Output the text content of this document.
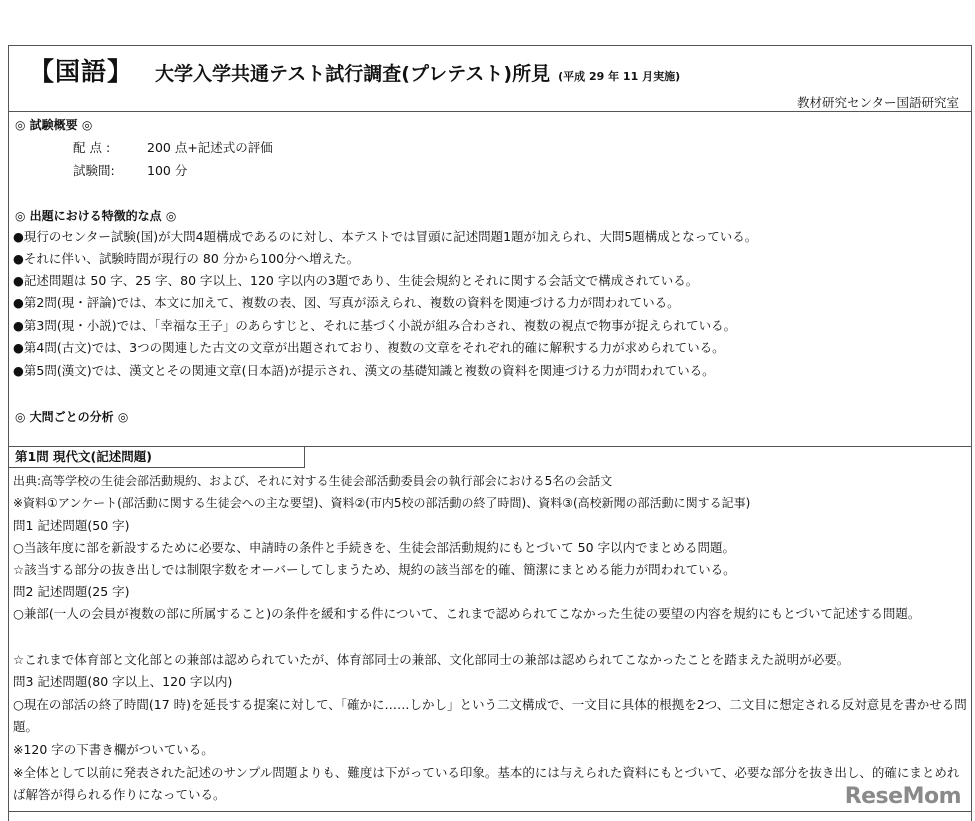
【国語】 大学入学共通テスト試行調査(プレテスト)所見 (平成 29 年 11 月実施)
教材研究センター国語研究室
◎ 試験概要 ◎
配 点 :	200 点+記述式の評価
試験間:	100 分
◎ 出題における特徴的な点 ◎
●現行のセンター試験(国)が大問4題構成であるのに対し、本テストでは冒頭に記述問題1題が加えられ、大問5題構成となっている。
●それに伴い、試験時間が現行の 80 分から100分へ増えた。
●記述問題は 50 字、25 字、80 字以上、120 字以内の3題であり、生徒会規約とそれに関する会話文で構成されている。
●第2問(現・評論)では、本文に加えて、複数の表、図、写真が添えられ、複数の資料を関連づける力が問われている。
●第3問(現・小説)では、「幸福な王子」のあらすじと、それに基づく小説が組み合わされ、複数の視点で物事が捉えられている。
●第4問(古文)では、3つの関連した古文の文章が出題されており、複数の文章をそれぞれ的確に解釈する力が求められている。
●第5問(漢文)では、漢文とその関連文章(日本語)が提示され、漢文の基礎知識と複数の資料を関連づける力が問われている。
◎ 大問ごとの分析 ◎
第1問 現代文(記述問題)
出典:高等学校の生徒会部活動規約、および、それに対する生徒会部活動委員会の執行部会における5名の会話文
※資料①アンケート(部活動に関する生徒会への主な要望)、資料②(市内5校の部活動の終了時間)、資料③(高校新聞の部活動に関する記事)
問1 記述問題(50 字)
○当該年度に部を新設するために必要な、申請時の条件と手続きを、生徒会部活動規約にもとづいて 50 字以内でまとめる問題。
☆該当する部分の抜き出しでは制限字数をオーバーしてしまうため、規約の該当部を的確、簡潔にまとめる能力が問われている。
問2 記述問題(25 字)
○兼部(一人の会員が複数の部に所属すること)の条件を緩和する件について、これまで認められてこなかった生徒の要望の内容を規約にもとづいて記述する問題。
☆これまで体育部と文化部との兼部は認められていたが、体育部同士の兼部、文化部同士の兼部は認められてこなかったことを踏まえた説明が必要。
問3 記述問題(80 字以上、120 字以内)
○現在の部活の終了時間(17 時)を延長する提案に対して、「確かに……しかし」という二文構成で、一文目に具体的根拠を2つ、二文目に想定される反対意見を書かせる問題。
※120 字の下書き欄がついている。
※全体として以前に発表された記述のサンプル問題よりも、難度は下がっている印象。基本的には与えられた資料にもとづいて、必要な部分を抜き出し、的確にまとめれば解答が得られる作りになっている。	ReseMom
